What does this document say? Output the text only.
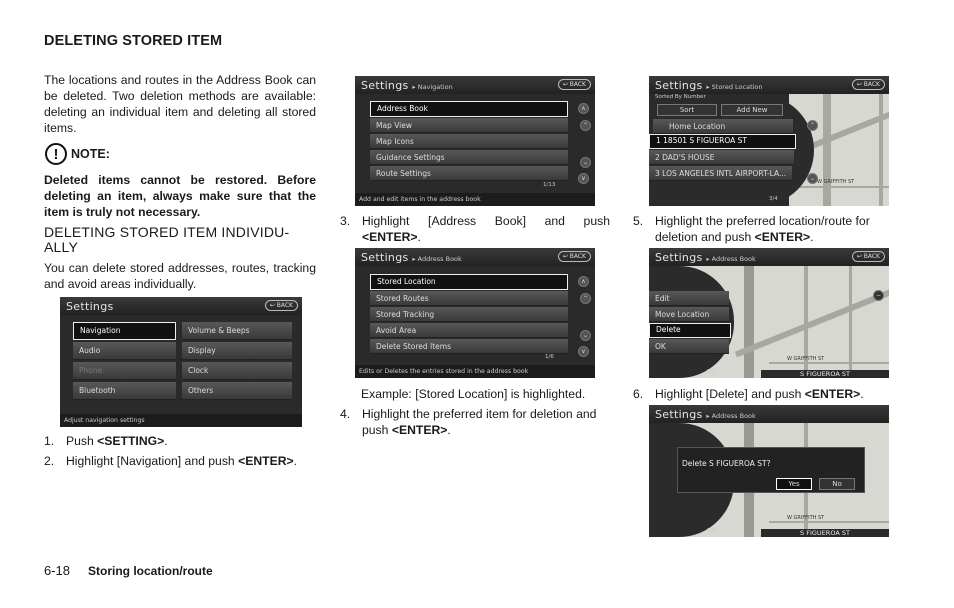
DELETING STORED ITEM
The locations and routes in the Address Book can be deleted. Two deletion methods are available: deleting an individual item and deleting all stored items.
!	NOTE:
Deleted items cannot be restored. Before deleting an item, always make sure that the item is truly not necessary.
DELETING STORED ITEM INDIVIDU-
ALLY
You can delete stored addresses, routes, tracking and avoid areas individually.
Settings	↩ BACK
Navigation
Audio
Phone
Bluetooth
Volume & Beeps
Display
Clock
Others
Adjust navigation settings
1. Push <SETTING>.
2. Highlight [Navigation] and push <ENTER>.
Settings ▸ Navigation	↩ BACK
Address Book
Map View
Map Icons
Guidance Settings
Route Settings
∧
⌃
⌄
∨
1/13
Add and edit items in the address book
3. Highlight [Address Book] and push <ENTER>.
Settings ▸ Address Book	↩ BACK
Stored Location
Stored Routes
Stored Tracking
Avoid Area
Delete Stored Items
∧
⌃
⌄
∨
1/6
Edits or Deletes the entries stored in the address book
Example: [Stored Location] is highlighted.
4. Highlight the preferred item for deletion and push <ENTER>.
W GRIFFITH ST
Settings ▸ Stored Location	↩ BACK
Sorted By Number
Sort	Add New
Home Location
1 18501 S FIGUEROA ST
2 DAD'S HOUSE
3 LOS ANGELES INTL AIRPORT-LA...
⌃
⌄
3/4
5. Highlight the preferred location/route for deletion and push <ENTER>.
W GRIFFITH ST
Settings ▸ Address Book	↩ BACK
Edit
Move Location
Delete
OK
−
3/4	S FIGUEROA ST
6. Highlight [Delete] and push <ENTER>.
W GRIFFITH ST
Settings ▸ Address Book
Delete S FIGUEROA ST?
Yes	No
3/4	S FIGUEROA ST
6-18 Storing location/route
